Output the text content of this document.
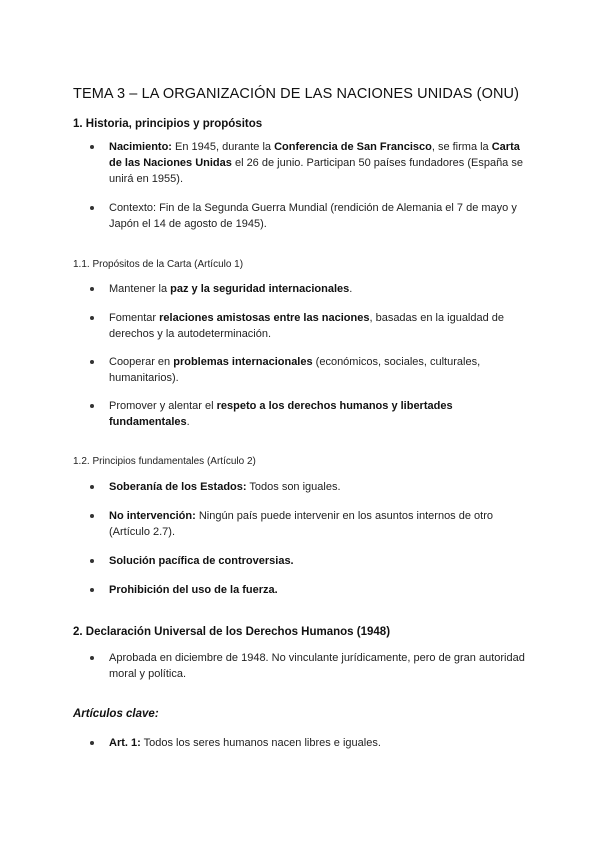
TEMA 3 – LA ORGANIZACIÓN DE LAS NACIONES UNIDAS (ONU)
1. Historia, principios y propósitos
Nacimiento: En 1945, durante la Conferencia de San Francisco, se firma la Carta de las Naciones Unidas el 26 de junio. Participan 50 países fundadores (España se unirá en 1955).
Contexto: Fin de la Segunda Guerra Mundial (rendición de Alemania el 7 de mayo y Japón el 14 de agosto de 1945).
1.1. Propósitos de la Carta (Artículo 1)
Mantener la paz y la seguridad internacionales.
Fomentar relaciones amistosas entre las naciones, basadas en la igualdad de derechos y la autodeterminación.
Cooperar en problemas internacionales (económicos, sociales, culturales, humanitarios).
Promover y alentar el respeto a los derechos humanos y libertades fundamentales.
1.2. Principios fundamentales (Artículo 2)
Soberanía de los Estados: Todos son iguales.
No intervención: Ningún país puede intervenir en los asuntos internos de otro (Artículo 2.7).
Solución pacífica de controversias.
Prohibición del uso de la fuerza.
2. Declaración Universal de los Derechos Humanos (1948)
Aprobada en diciembre de 1948. No vinculante jurídicamente, pero de gran autoridad moral y política.
Artículos clave:
Art. 1: Todos los seres humanos nacen libres e iguales.
